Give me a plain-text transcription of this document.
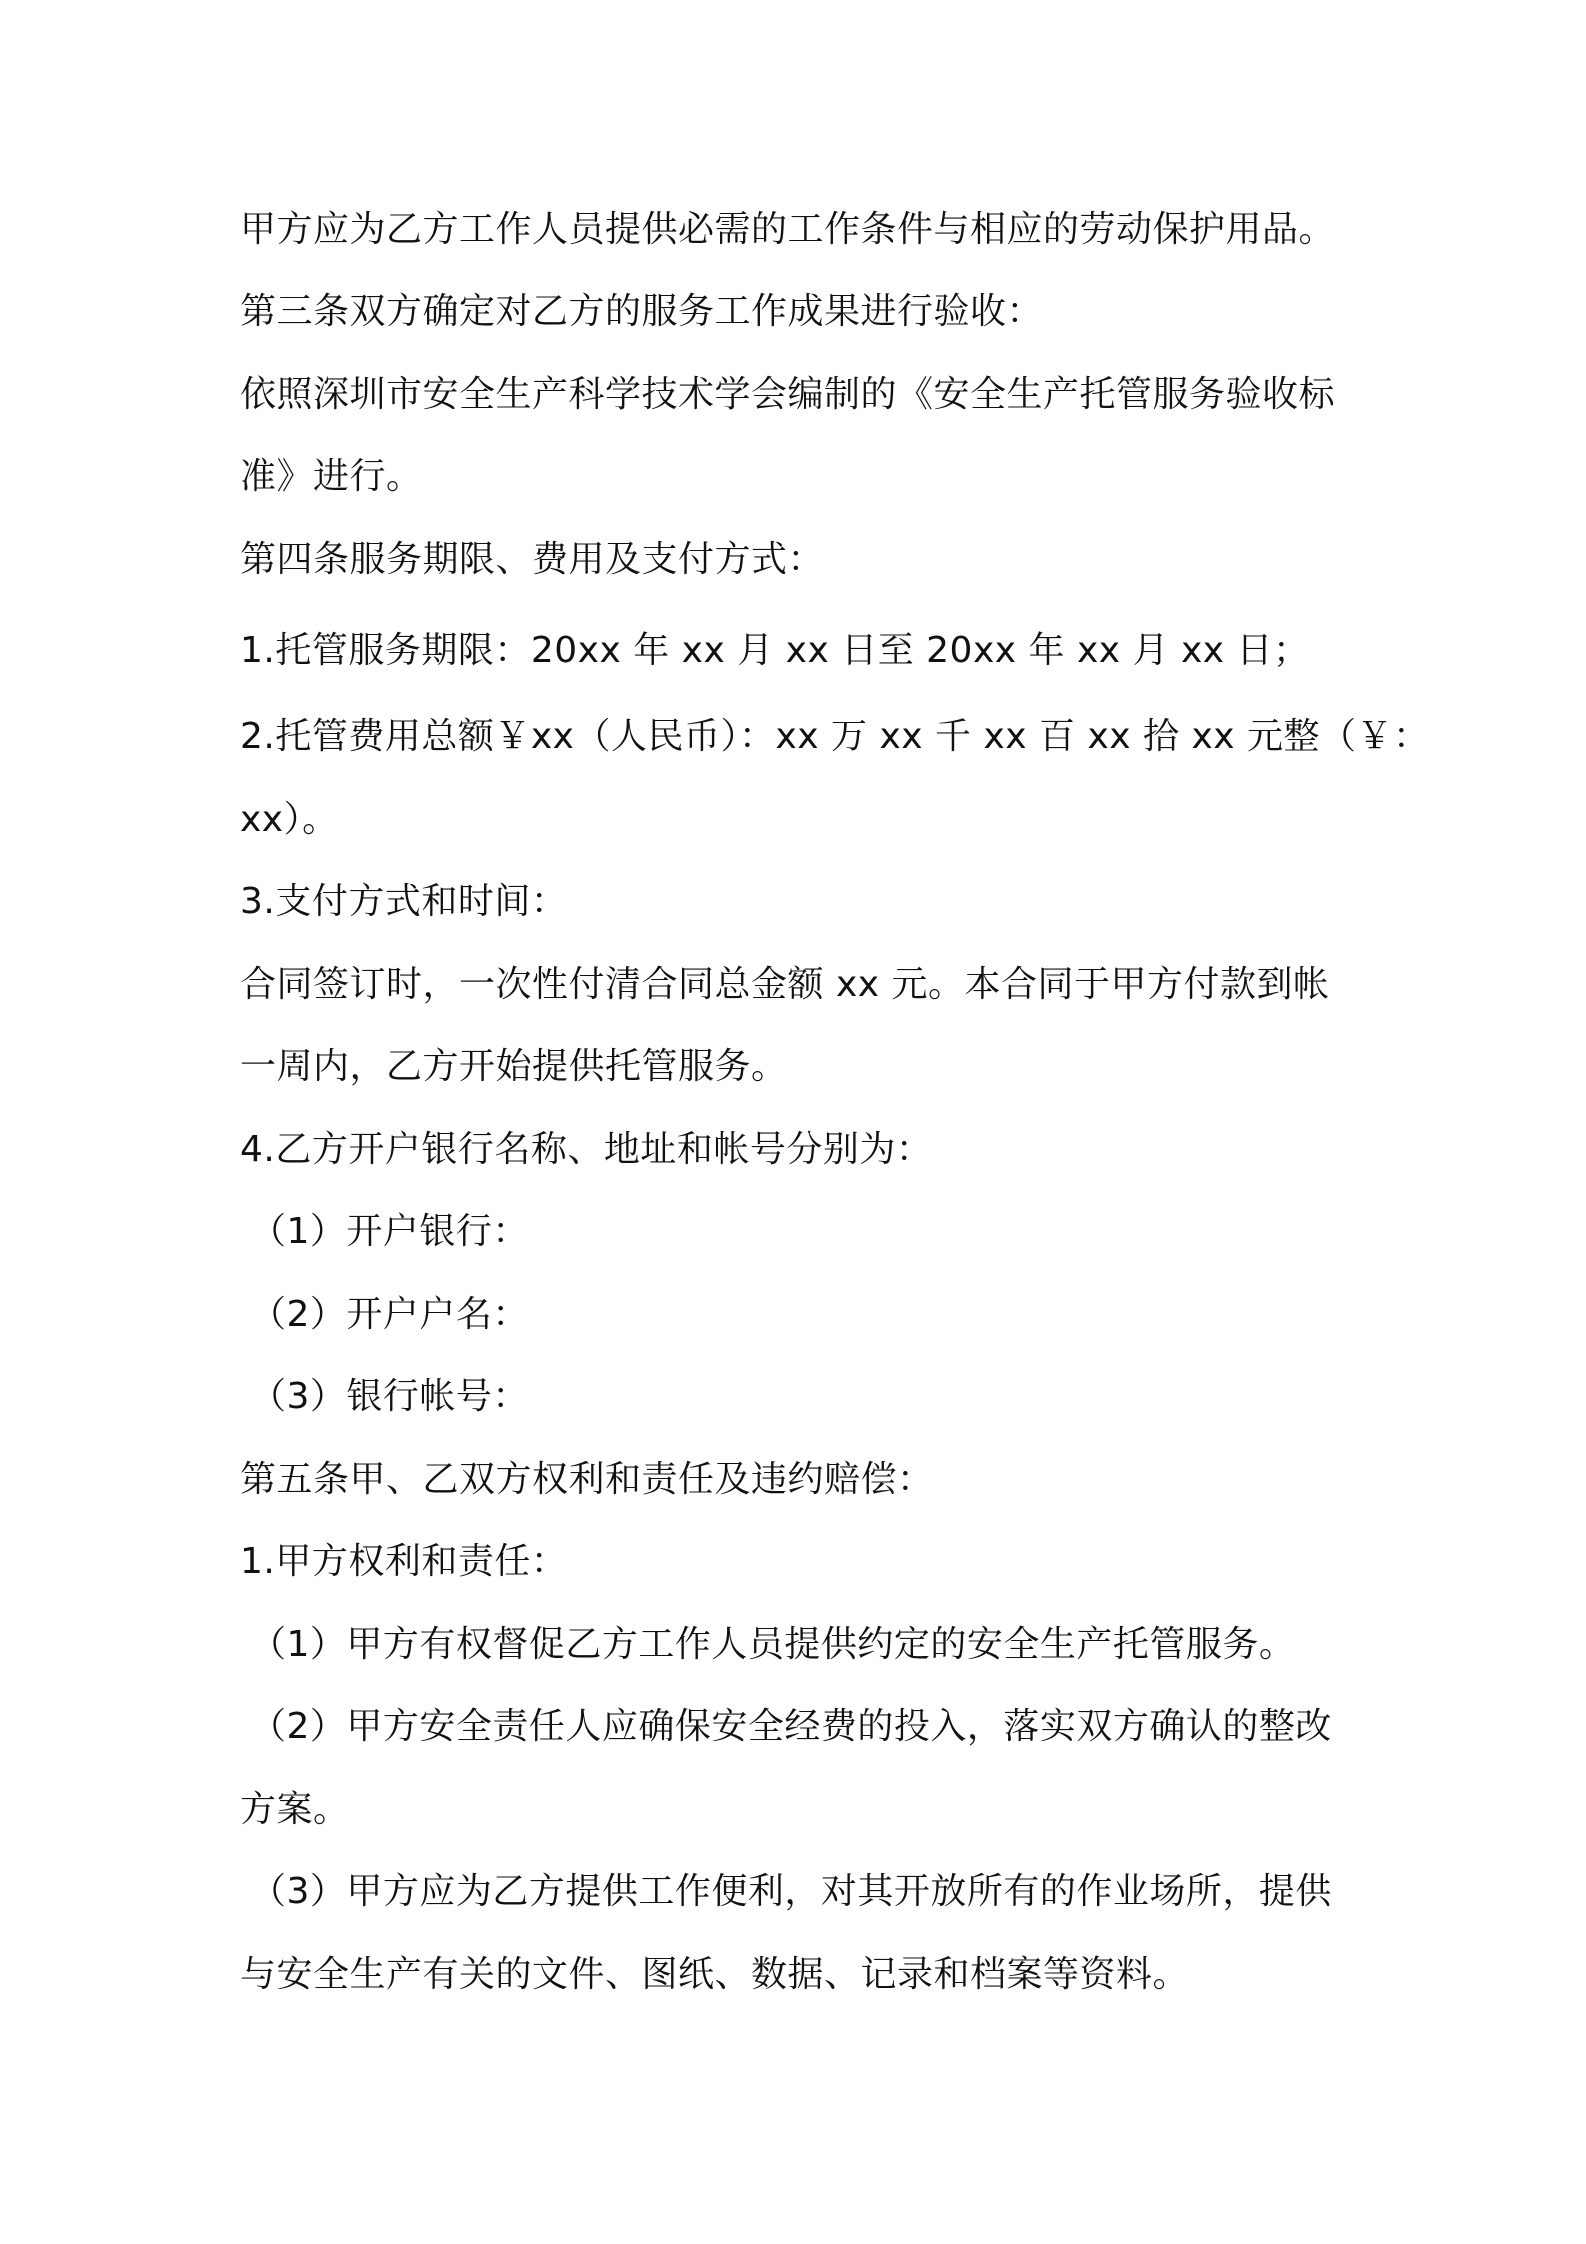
甲方应为乙方工作人员提供必需的工作条件与相应的劳动保护用品。
第三条双方确定对乙方的服务工作成果进行验收：
依照深圳市安全生产科学技术学会编制的《安全生产托管服务验收标
准》进行。
第四条服务期限、费用及支付方式：
1.托管服务期限：20xx 年 xx 月 xx 日至 20xx 年 xx 月 xx 日；
2.托管费用总额￥xx（人民币）：xx 万 xx 千 xx 百 xx 拾 xx 元整（￥：
xx）。
3.支付方式和时间：
合同签订时，一次性付清合同总金额 xx 元。本合同于甲方付款到帐
一周内，乙方开始提供托管服务。
4.乙方开户银行名称、地址和帐号分别为：
（1）开户银行：
（2）开户户名：
（3）银行帐号：
第五条甲、乙双方权利和责任及违约赔偿：
1.甲方权利和责任：
（1）甲方有权督促乙方工作人员提供约定的安全生产托管服务。
（2）甲方安全责任人应确保安全经费的投入，落实双方确认的整改
方案。
（3）甲方应为乙方提供工作便利，对其开放所有的作业场所，提供
与安全生产有关的文件、图纸、数据、记录和档案等资料。
